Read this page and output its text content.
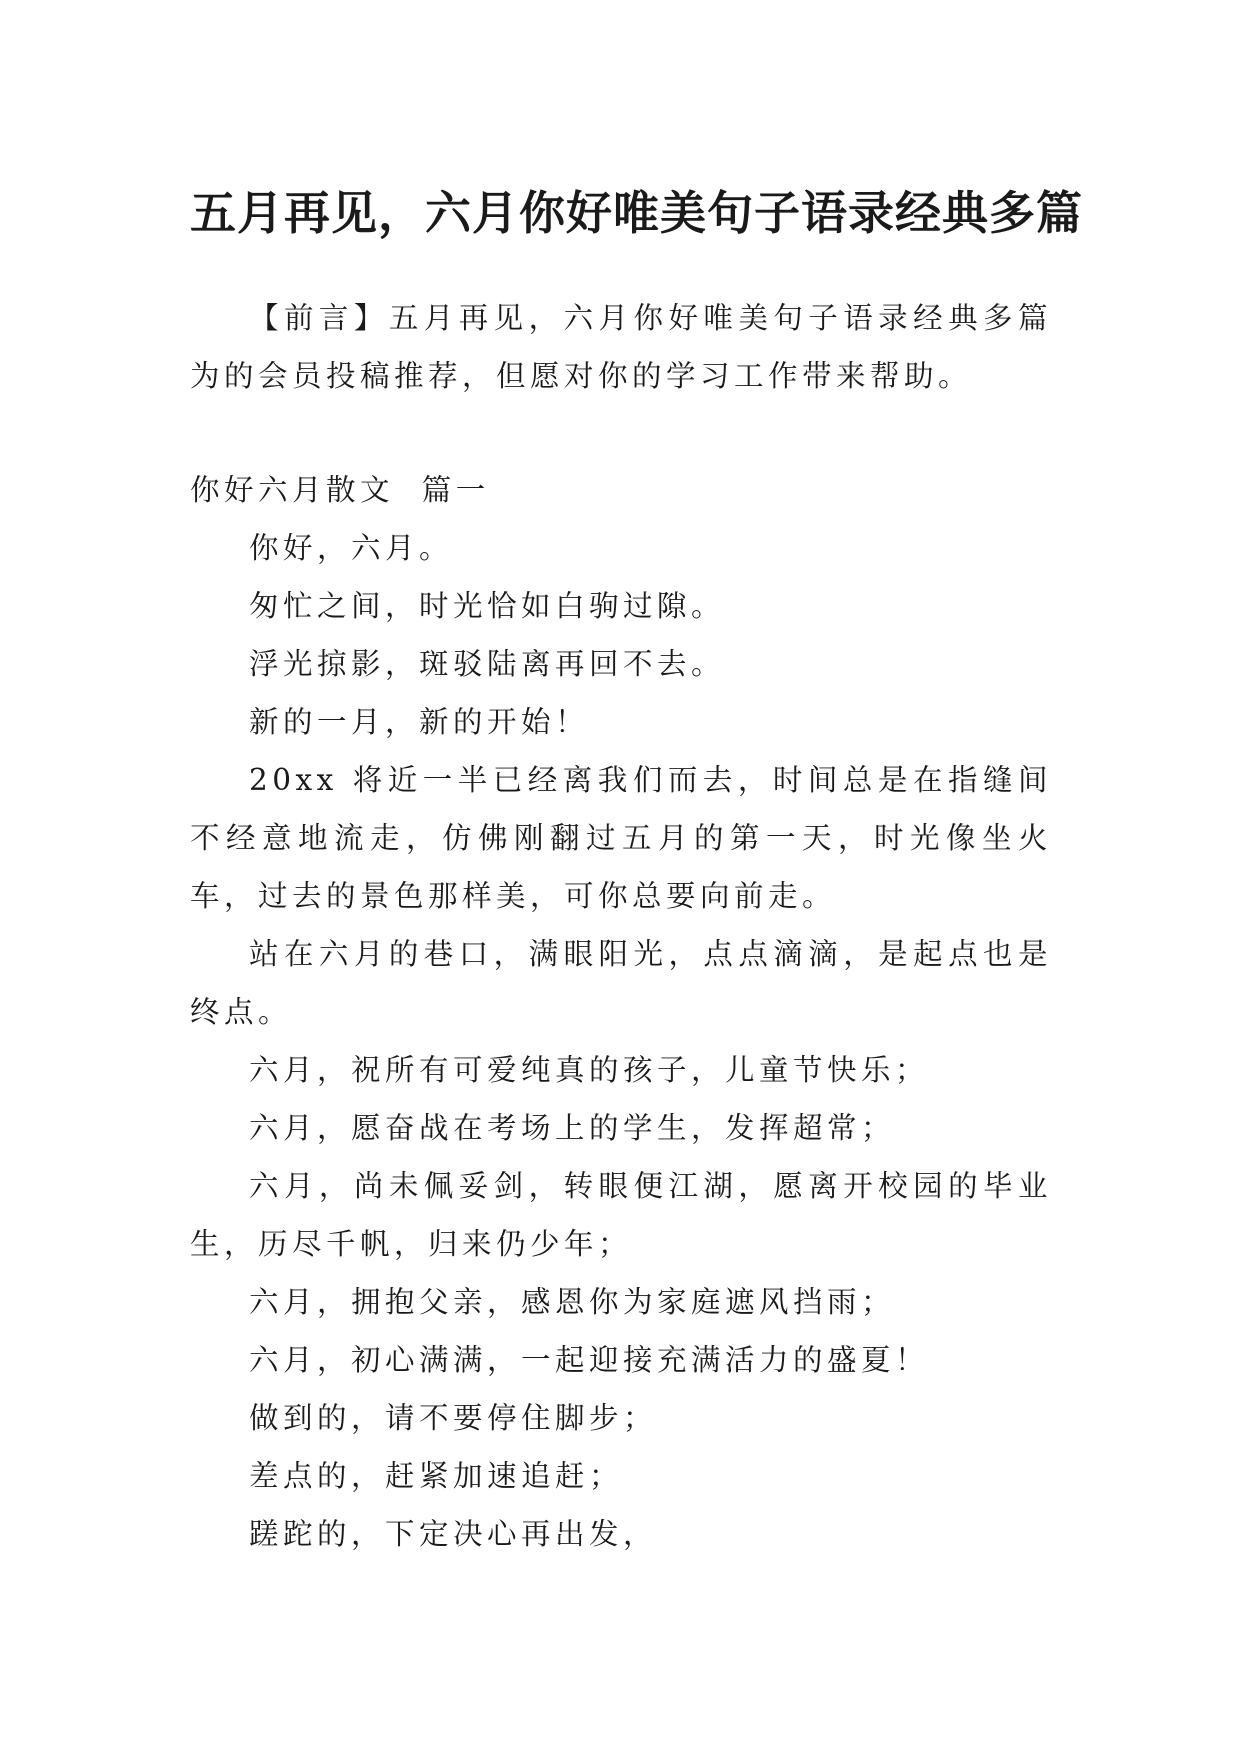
五月再见，六月你好唯美句子语录经典多篇

【前言】五月再见，六月你好唯美句子语录经典多篇为的会员投稿推荐，但愿对你的学习工作带来帮助。

你好六月散文  篇一

你好，六月。

匆忙之间，时光恰如白驹过隙。

浮光掠影，斑驳陆离再回不去。

新的一月，新的开始！

20xx 将近一半已经离我们而去，时间总是在指缝间不经意地流走，仿佛刚翻过五月的第一天，时光像坐火车，过去的景色那样美，可你总要向前走。

站在六月的巷口，满眼阳光，点点滴滴，是起点也是终点。

六月，祝所有可爱纯真的孩子，儿童节快乐；

六月，愿奋战在考场上的学生，发挥超常；

六月，尚未佩妥剑，转眼便江湖，愿离开校园的毕业生，历尽千帆，归来仍少年；

六月，拥抱父亲，感恩你为家庭遮风挡雨；

六月，初心满满，一起迎接充满活力的盛夏！

做到的，请不要停住脚步；

差点的，赶紧加速追赶；

蹉跎的，下定决心再出发，
